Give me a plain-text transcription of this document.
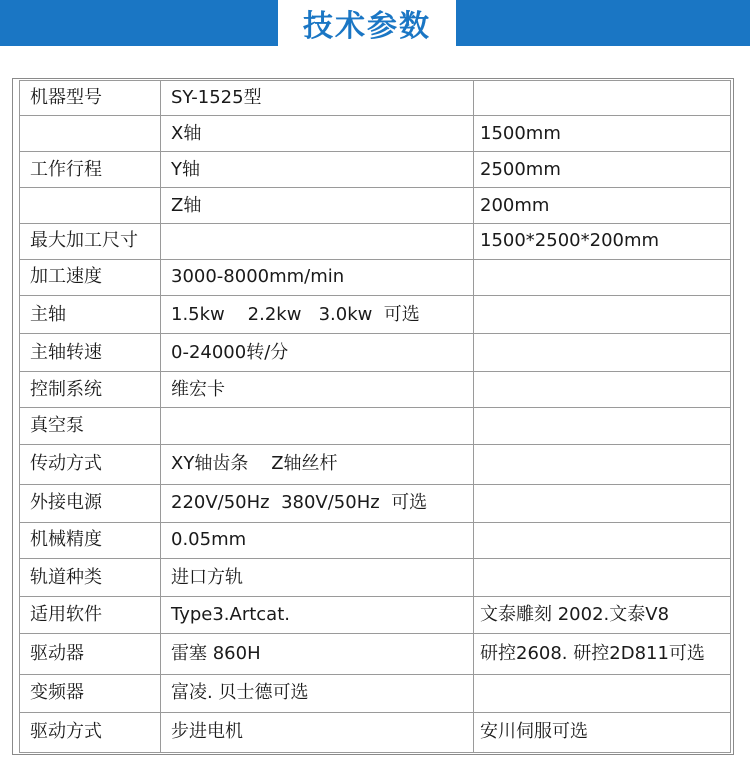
技术参数
机器型号	SY-1525型	
	X轴	1500mm
工作行程	Y轴	2500mm
	Z轴	200mm
最大加工尺寸		1500*2500*200mm
加工速度	3000-8000mm/min	
主轴	1.5kw    2.2kw   3.0kw  可选	
主轴转速	0-24000转/分	
控制系统	维宏卡	
真空泵		
传动方式	XY轴齿条    Z轴丝杆	
外接电源	220V/50Hz  380V/50Hz  可选	
机械精度	0.05mm	
轨道种类	进口方轨	
适用软件	Type3.Artcat.	文泰雕刻 2002.文泰V8
驱动器	雷塞 860H	研控2608. 研控2D811可选
变频器	富凌. 贝士德可选	
驱动方式	步进电机	安川伺服可选
